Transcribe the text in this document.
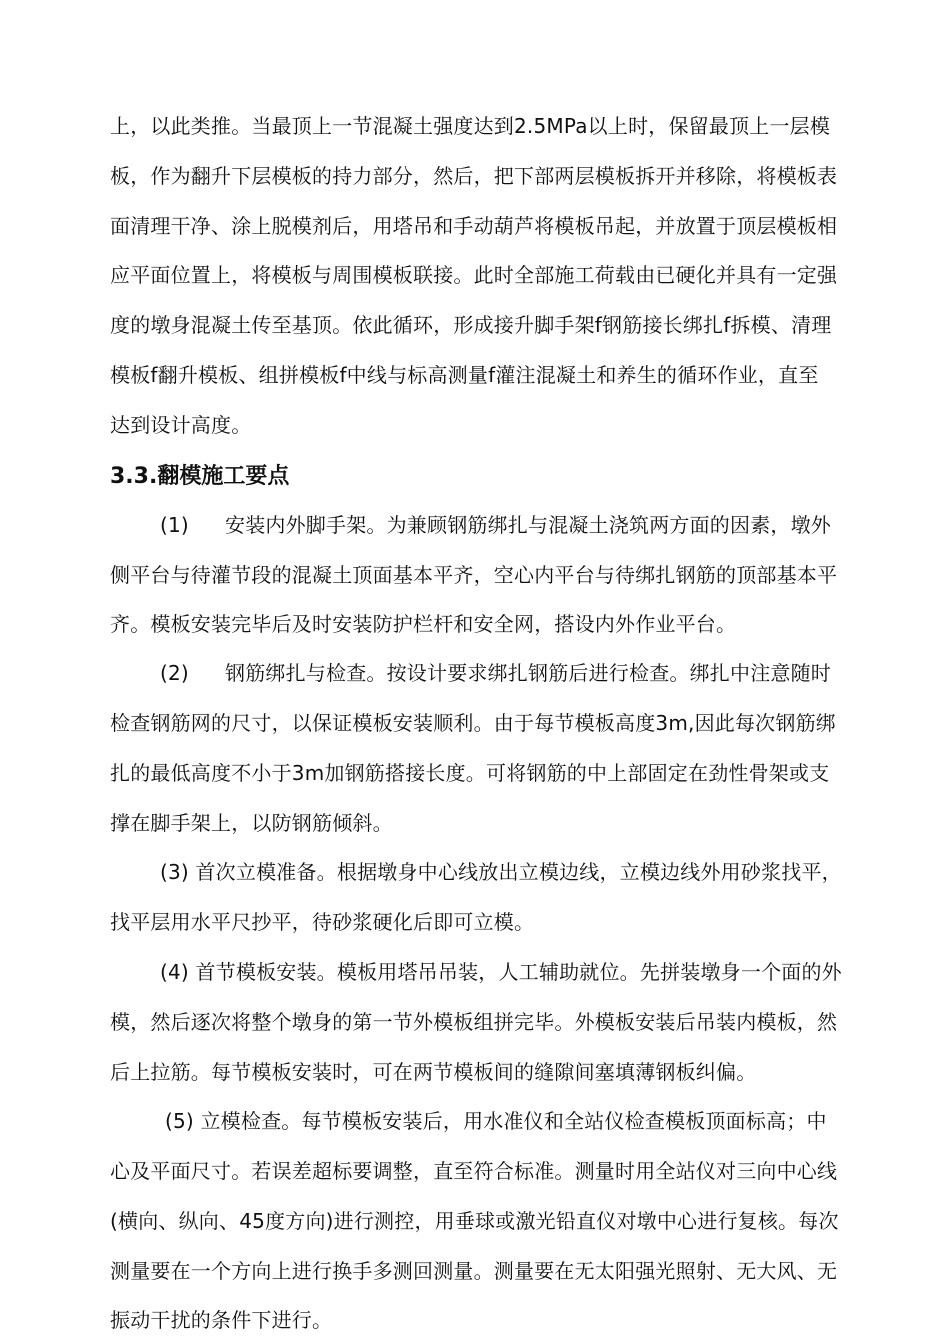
上，以此类推。当最顶上一节混凝土强度达到2.5MPa以上时，保留最顶上一层模
板，作为翻升下层模板的持力部分，然后，把下部两层模板拆开并移除，将模板表
面清理干净、涂上脱模剂后，用塔吊和手动葫芦将模板吊起，并放置于顶层模板相
应平面位置上，将模板与周围模板联接。此时全部施工荷载由已硬化并具有一定强
度的墩身混凝土传至基顶。依此循环，形成接升脚手架f钢筋接长绑扎f拆模、清理
模板f翻升模板、组拼模板f中线与标高测量f灌注混凝土和养生的循环作业，直至
达到设计高度。
3.3.翻模施工要点
(1) 安装内外脚手架。为兼顾钢筋绑扎与混凝土浇筑两方面的因素，墩外
侧平台与待灌节段的混凝土顶面基本平齐，空心内平台与待绑扎钢筋的顶部基本平
齐。模板安装完毕后及时安装防护栏杆和安全网，搭设内外作业平台。
(2) 钢筋绑扎与检查。按设计要求绑扎钢筋后进行检查。绑扎中注意随时
检查钢筋网的尺寸，以保证模板安装顺利。由于每节模板高度3m,因此每次钢筋绑
扎的最低高度不小于3m加钢筋搭接长度。可将钢筋的中上部固定在劲性骨架或支
撑在脚手架上，以防钢筋倾斜。
(3) 首次立模准备。根据墩身中心线放出立模边线，立模边线外用砂浆找平，
找平层用水平尺抄平，待砂浆硬化后即可立模。
(4) 首节模板安装。模板用塔吊吊装，人工辅助就位。先拼装墩身一个面的外
模，然后逐次将整个墩身的第一节外模板组拼完毕。外模板安装后吊装内模板，然
后上拉筋。每节模板安装时，可在两节模板间的缝隙间塞填薄钢板纠偏。
(5) 立模检查。每节模板安装后，用水准仪和全站仪检查模板顶面标高；中
心及平面尺寸。若误差超标要调整，直至符合标准。测量时用全站仪对三向中心线
(横向、纵向、45度方向)进行测控，用垂球或激光铅直仪对墩中心进行复核。每次
测量要在一个方向上进行换手多测回测量。测量要在无太阳强光照射、无大风、无
振动干扰的条件下进行。
